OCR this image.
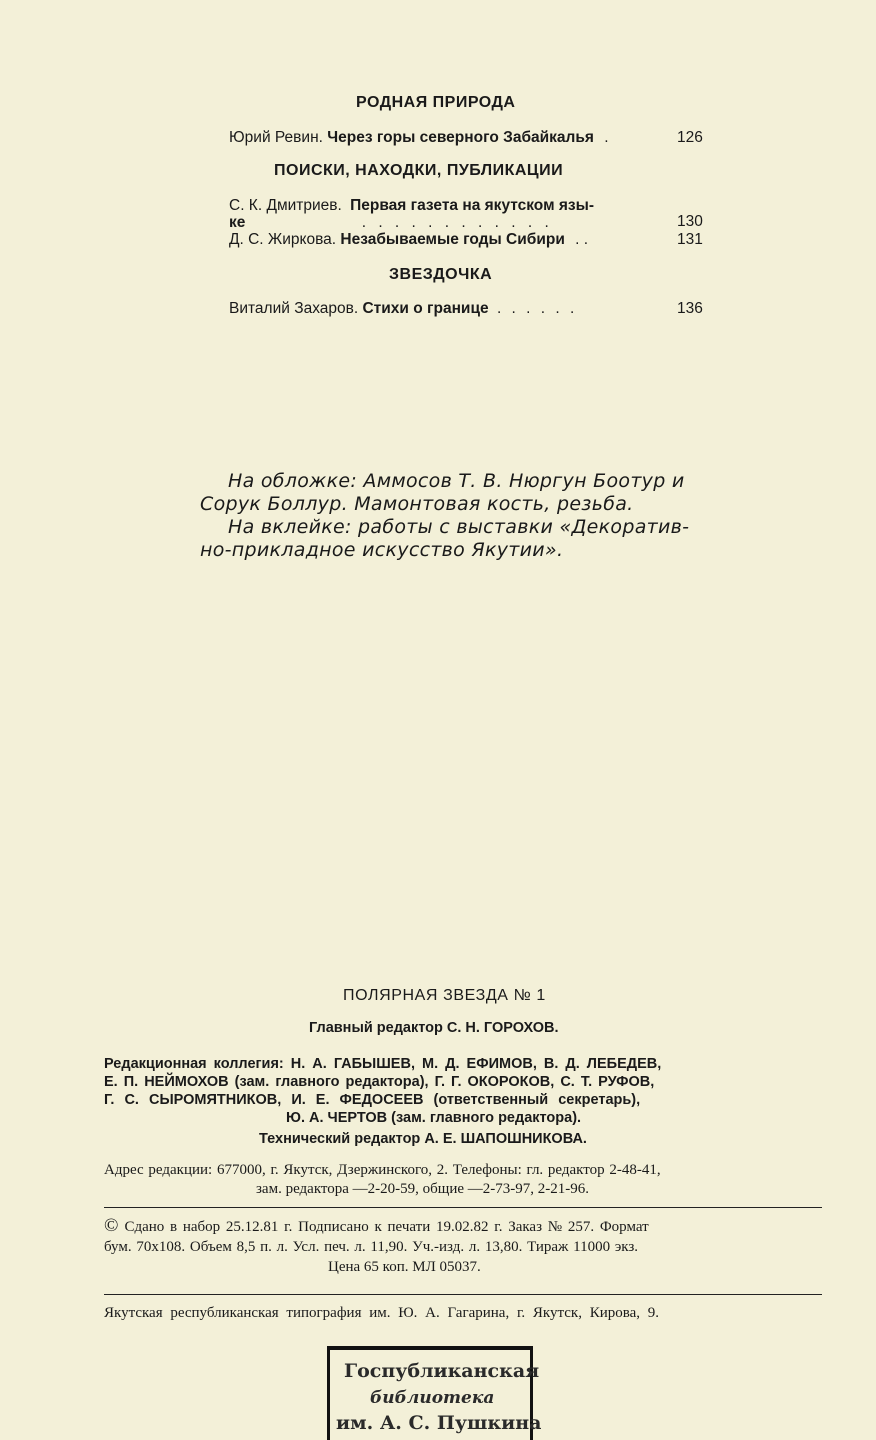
РОДНАЯ ПРИРОДА
Юрий Ревин. Через горы северного Забайкалья .	126
ПОИСКИ, НАХОДКИ, ПУБЛИКАЦИИ
С. К. Дмитриев. Первая газета на якутском язы-
ке	. . . . . . . . . . . .	130
Д. С. Жиркова. Незабываемые годы Сибири . .	131
ЗВЕЗДОЧКА
Виталий Захаров. Стихи о границе . . . . . .	136
На обложке: Аммосов Т. В. Нюргун Боотур и
Сорук Боллур. Мамонтовая кость, резьба.
На вклейке: работы с выставки «Декоратив-
но-прикладное искусство Якутии».
ПОЛЯРНАЯ ЗВЕЗДА № 1
Главный редактор С. Н. ГОРОХОВ.
Редакционная коллегия: Н. А. ГАБЫШЕВ, М. Д. ЕФИМОВ, В. Д. ЛЕБЕДЕВ,
Е. П. НЕЙМОХОВ (зам. главного редактора), Г. Г. ОКОРОКОВ, С. Т. РУФОВ,
Г. С. СЫРОМЯТНИКОВ, И. Е. ФЕДОСЕЕВ (ответственный секретарь),
Ю. А. ЧЕРТОВ (зам. главного редактора).
Технический редактор А. Е. ШАПОШНИКОВА.
Адрес редакции: 677000, г. Якутск, Дзержинского, 2. Телефоны: гл. редактор 2-48-41,
зам. редактора —2-20-59, общие —2-73-97, 2-21-96.
© Сдано в набор 25.12.81 г. Подписано к печати 19.02.82 г. Заказ № 257. Формат
бум. 70х108. Объем 8,5 п. л. Усл. печ. л. 11,90. Уч.-изд. л. 13,80. Тираж 11000 экз.
Цена 65 коп. МЛ 05037.
Якутская республиканская типография им. Ю. А. Гагарина, г. Якутск, Кирова, 9.
Госпубликанская
библиотека
им. А. С. Пушкина
